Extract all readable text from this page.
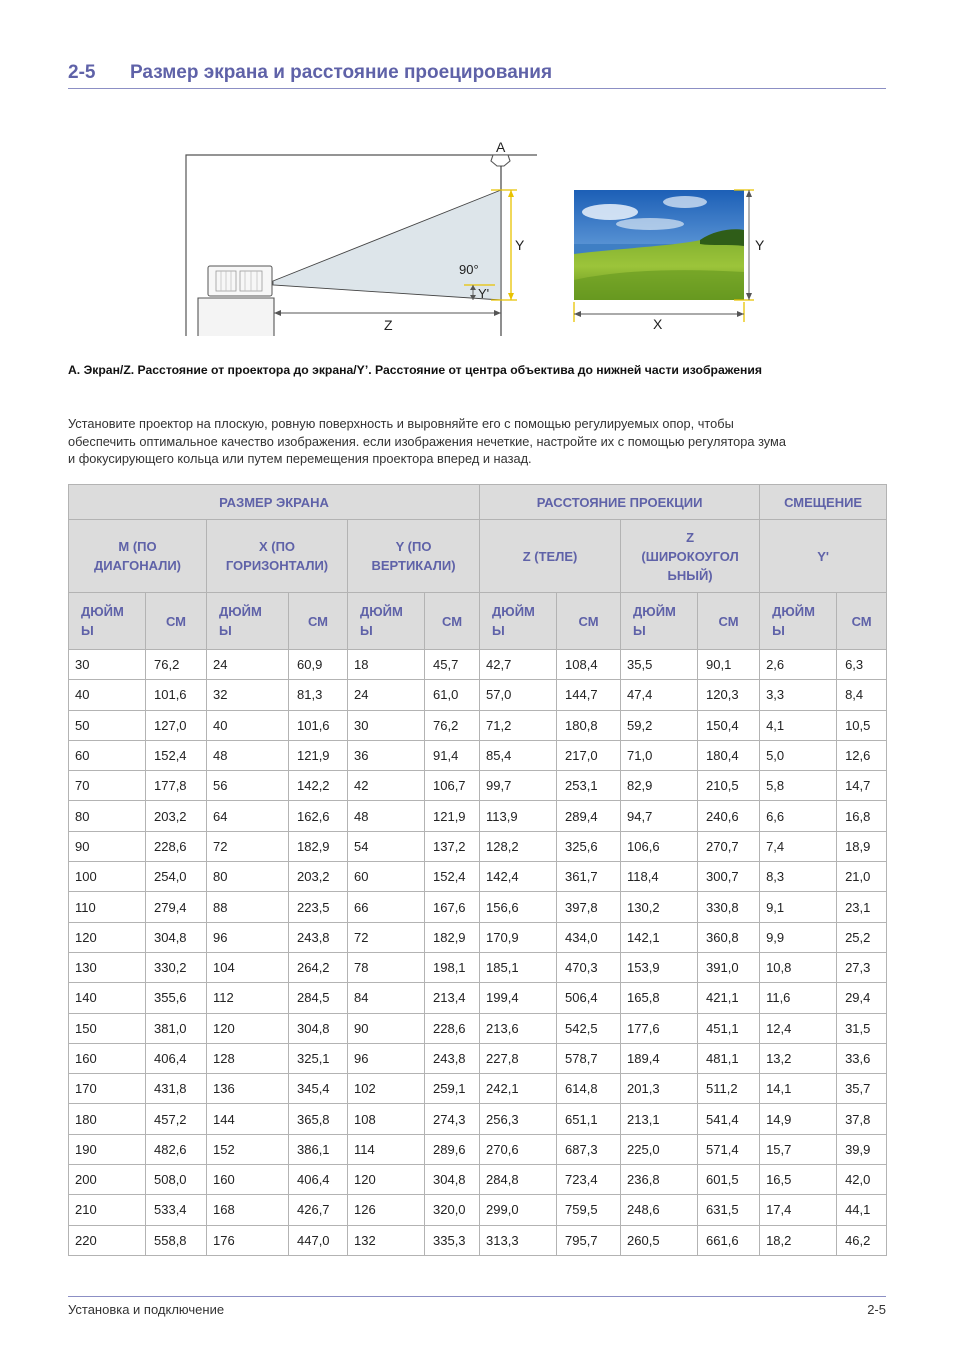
2-5 Размер экрана и расстояние проецирования
A
Z
Y
90°
Y'
Y
X
A. Экран/Z. Расстояние от проектора до экрана/Y’. Расстояние от центра объектива до нижней части изображения

Установите проектор на плоскую, ровную поверхность и выровняйте его с помощью регулируемых опор, чтобы

обеспечить оптимальное качество изображения. если изображения нечеткие, настройте их с помощью регулятора зума

и фокусирующего кольца или путем перемещения проектора вперед и назад.

РАЗМЕР ЭКРАНА						РАССТОЯНИЕ ПРОЕКЦИИ				СМЕЩЕНИЕ	
M (ПО
ДИАГОНАЛИ)		X (ПО
ГОРИЗОНТАЛИ)		Y (ПО
ВЕРТИКАЛИ)		Z (ТЕЛЕ)		Z
(ШИРОКОУГОЛ
ЬНЫЙ)		Y'	
ДЮЙМ
Ы	СМ	ДЮЙМ
Ы	СМ	ДЮЙМ
Ы	СМ	ДЮЙМ
Ы	СМ	ДЮЙМ
Ы	СМ	ДЮЙМ
Ы	СМ
30	76,2	24	60,9	18	45,7	42,7	108,4	35,5	90,1	2,6	6,3
40	101,6	32	81,3	24	61,0	57,0	144,7	47,4	120,3	3,3	8,4
50	127,0	40	101,6	30	76,2	71,2	180,8	59,2	150,4	4,1	10,5
60	152,4	48	121,9	36	91,4	85,4	217,0	71,0	180,4	5,0	12,6
70	177,8	56	142,2	42	106,7	99,7	253,1	82,9	210,5	5,8	14,7
80	203,2	64	162,6	48	121,9	113,9	289,4	94,7	240,6	6,6	16,8
90	228,6	72	182,9	54	137,2	128,2	325,6	106,6	270,7	7,4	18,9
100	254,0	80	203,2	60	152,4	142,4	361,7	118,4	300,7	8,3	21,0
110	279,4	88	223,5	66	167,6	156,6	397,8	130,2	330,8	9,1	23,1
120	304,8	96	243,8	72	182,9	170,9	434,0	142,1	360,8	9,9	25,2
130	330,2	104	264,2	78	198,1	185,1	470,3	153,9	391,0	10,8	27,3
140	355,6	112	284,5	84	213,4	199,4	506,4	165,8	421,1	11,6	29,4
150	381,0	120	304,8	90	228,6	213,6	542,5	177,6	451,1	12,4	31,5
160	406,4	128	325,1	96	243,8	227,8	578,7	189,4	481,1	13,2	33,6
170	431,8	136	345,4	102	259,1	242,1	614,8	201,3	511,2	14,1	35,7
180	457,2	144	365,8	108	274,3	256,3	651,1	213,1	541,4	14,9	37,8
190	482,6	152	386,1	114	289,6	270,6	687,3	225,0	571,4	15,7	39,9
200	508,0	160	406,4	120	304,8	284,8	723,4	236,8	601,5	16,5	42,0
210	533,4	168	426,7	126	320,0	299,0	759,5	248,6	631,5	17,4	44,1
220	558,8	176	447,0	132	335,3	313,3	795,7	260,5	661,6	18,2	46,2
Установка и подключение	2-5
